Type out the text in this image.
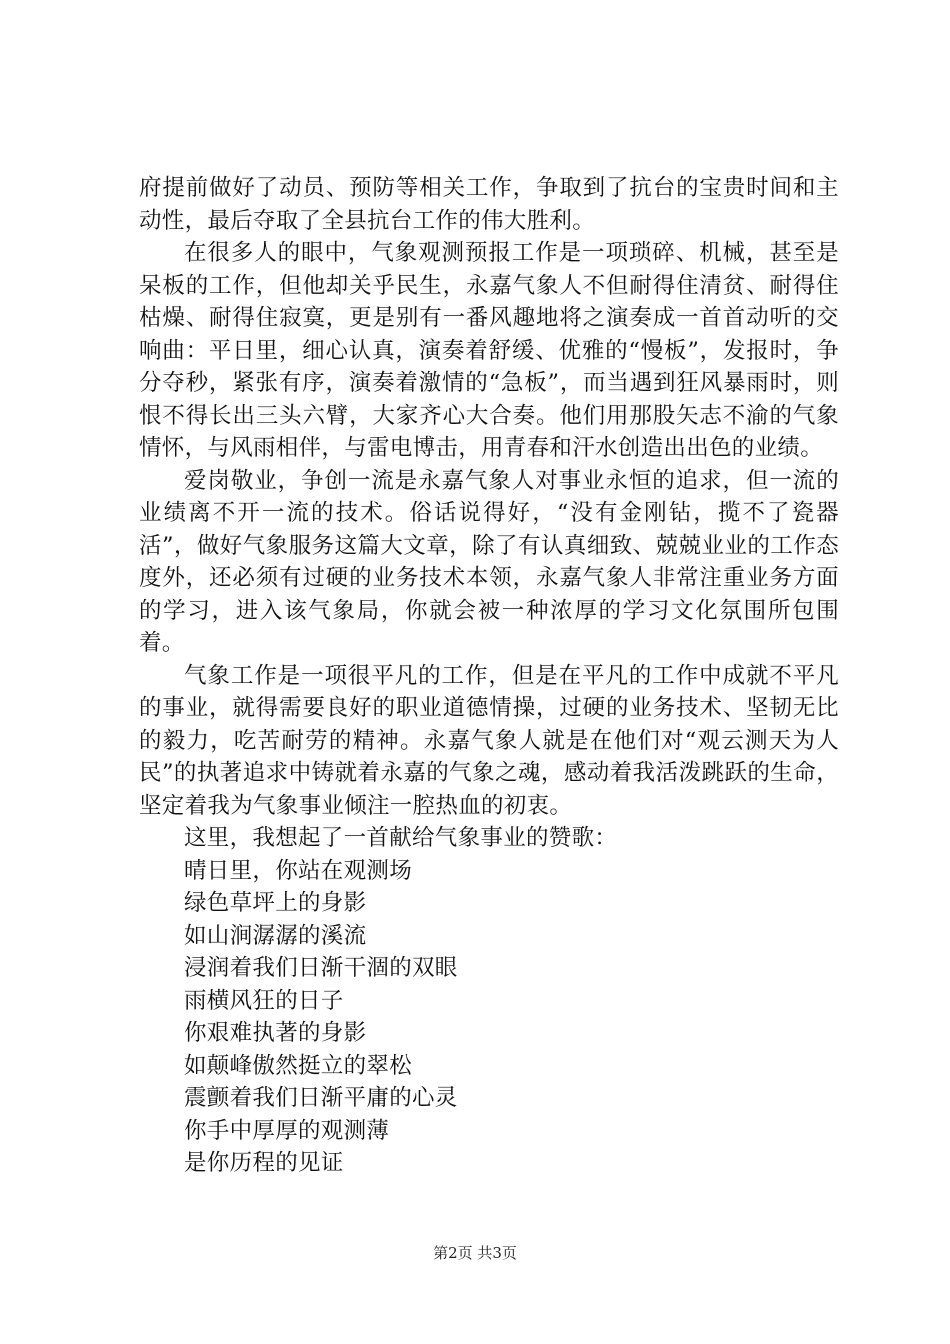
府提前做好了动员、预防等相关工作，争取到了抗台的宝贵时间和主动性，最后夺取了全县抗台工作的伟大胜利。

在很多人的眼中，气象观测预报工作是一项琐碎、机械，甚至是呆板的工作，但他却关乎民生，永嘉气象人不但耐得住清贫、耐得住枯燥、耐得住寂寞，更是别有一番风趣地将之演奏成一首首动听的交响曲：平日里，细心认真，演奏着舒缓、优雅的“慢板”，发报时，争分夺秒，紧张有序，演奏着激情的“急板”，而当遇到狂风暴雨时，则恨不得长出三头六臂，大家齐心大合奏。他们用那股矢志不渝的气象情怀，与风雨相伴，与雷电博击，用青春和汗水创造出出色的业绩。

爱岗敬业，争创一流是永嘉气象人对事业永恒的追求，但一流的业绩离不开一流的技术。俗话说得好，“没有金刚钻，揽不了瓷器活”，做好气象服务这篇大文章，除了有认真细致、兢兢业业的工作态度外，还必须有过硬的业务技术本领，永嘉气象人非常注重业务方面的学习，进入该气象局，你就会被一种浓厚的学习文化氛围所包围着。

气象工作是一项很平凡的工作，但是在平凡的工作中成就不平凡的事业，就得需要良好的职业道德情操，过硬的业务技术、坚韧无比的毅力，吃苦耐劳的精神。永嘉气象人就是在他们对“观云测天为人民”的执著追求中铸就着永嘉的气象之魂，感动着我活泼跳跃的生命，坚定着我为气象事业倾注一腔热血的初衷。

这里，我想起了一首献给气象事业的赞歌：

晴日里，你站在观测场
绿色草坪上的身影
如山涧潺潺的溪流
浸润着我们日渐干涸的双眼
雨横风狂的日子
你艰难执著的身影
如颠峰傲然挺立的翠松
震颤着我们日渐平庸的心灵
你手中厚厚的观测薄
是你历程的见证
第2页 共3页
